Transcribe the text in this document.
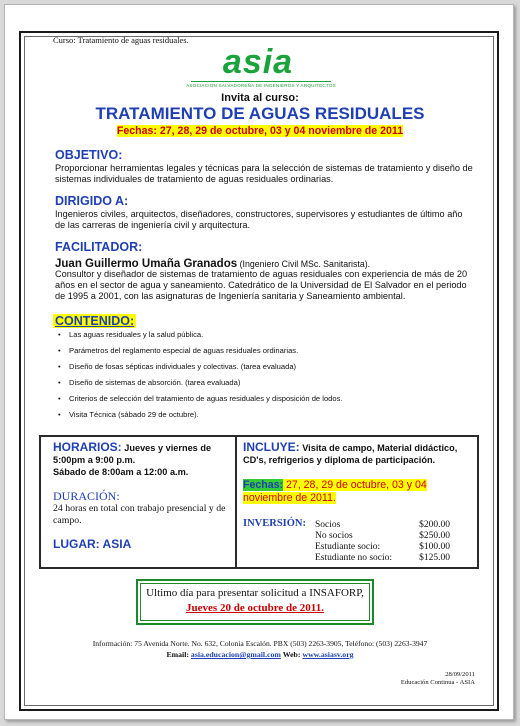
Curso: Tratamiento de aguas residuales.
asia
ASOCIACION SALVADOREÑA DE INGENIEROS Y ARQUITECTOS
Invita al curso:
TRATAMIENTO DE AGUAS RESIDUALES
Fechas: 27, 28, 29 de octubre, 03 y 04 noviembre de 2011
OBJETIVO:
Proporcionar herramientas legales y técnicas para la selección de sistemas de tratamiento y diseño de sistemas individuales de tratamiento de aguas residuales ordinarias.
DIRIGIDO A:
Ingenieros civiles, arquitectos, diseñadores, constructores, supervisores y estudiantes de último año de las carreras de ingeniería civil y arquitectura.
FACILITADOR:
Juan Guillermo Umaña Granados (Ingeniero Civil MSc. Sanitarista).
Consultor y diseñador de sistemas de tratamiento de aguas residuales con experiencia de más de 20 años en el sector de agua y saneamiento. Catedrático de la Universidad de El Salvador en el periodo de 1995 a 2001, con las asignaturas de Ingeniería sanitaria y Saneamiento ambiental.
CONTENIDO:
• Las aguas residuales y la salud pública.
• Parámetros del reglamento especial de aguas residuales ordinarias.
• Diseño de fosas sépticas individuales y colectivas. (tarea evaluada)
• Diseño de sistemas de absorción. (tarea evaluada)
• Criterios de selección del tratamiento de aguas residuales y disposición de lodos.
• Visita Técnica (sábado 29 de octubre).
HORARIOS: Jueves y viernes de
5:00pm a 9:00 p.m.
Sábado de 8:00am a 12:00 a.m.
DURACIÓN:
24 horas en total con trabajo presencial y de campo.
LUGAR: ASIA
INCLUYE: Visita de campo, Material didáctico, CD's, refrigerios y diploma de participación.
Fechas: 27, 28, 29 de octubre, 03 y 04 noviembre de 2011.
INVERSIÓN: Socios	$200.00
No socios	$250.00
Estudiante socio:	$100.00
Estudiante no socio:	$125.00
Ultimo día para presentar solicitud a INSAFORP,
Jueves 20 de octubre de 2011.
Información: 75 Avenida Norte. No. 632, Colonia Escalón. PBX (503) 2263-3905, Teléfono: (503) 2263-3947
Email: asia.educacion@gmail.com Web: www.asiasv.org
28/09/2011
Educación Continua - ASIA
